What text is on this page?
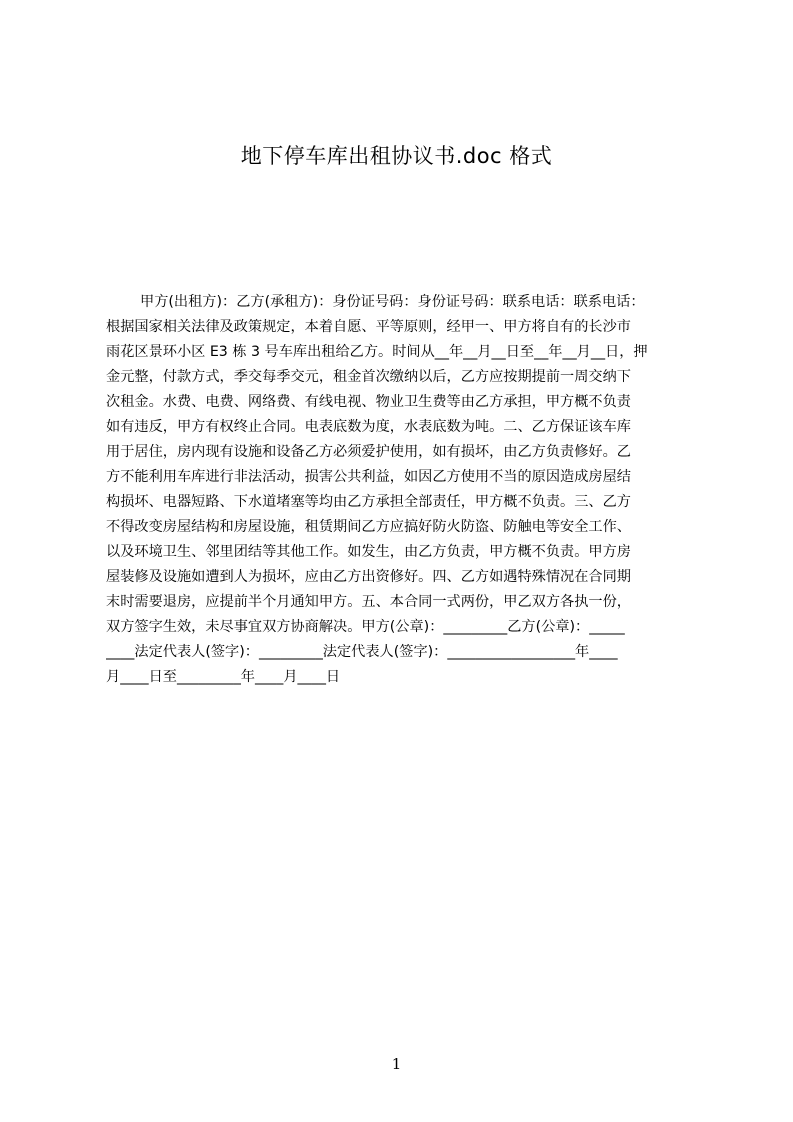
地下停车库出租协议书.doc 格式
甲方(出租方)：乙方(承租方)：身份证号码：身份证号码：联系电话：联系电话：
根据国家相关法律及政策规定，本着自愿、平等原则，经甲一、甲方将自有的长沙市
雨花区景环小区 E3 栋 3 号车库出租给乙方。时间从__年__月__日至__年__月__日，押
金元整，付款方式，季交每季交元，租金首次缴纳以后，乙方应按期提前一周交纳下
次租金。水费、电费、网络费、有线电视、物业卫生费等由乙方承担，甲方概不负责
如有违反，甲方有权终止合同。电表底数为度，水表底数为吨。二、乙方保证该车库
用于居住，房内现有设施和设备乙方必须爱护使用，如有损坏，由乙方负责修好。乙
方不能利用车库进行非法活动，损害公共利益，如因乙方使用不当的原因造成房屋结
构损坏、电器短路、下水道堵塞等均由乙方承担全部责任，甲方概不负责。三、乙方
不得改变房屋结构和房屋设施，租赁期间乙方应搞好防火防盗、防触电等安全工作、
以及环境卫生、邻里团结等其他工作。如发生，由乙方负责，甲方概不负责。甲方房
屋装修及设施如遭到人为损坏，应由乙方出资修好。四、乙方如遇特殊情况在合同期
末时需要退房，应提前半个月通知甲方。五、本合同一式两份，甲乙双方各执一份，
双方签字生效，未尽事宜双方协商解决。甲方(公章)：_________乙方(公章)：_____
____法定代表人(签字)：_________法定代表人(签字)：__________________年____
月____日至_________年____月____日
1
